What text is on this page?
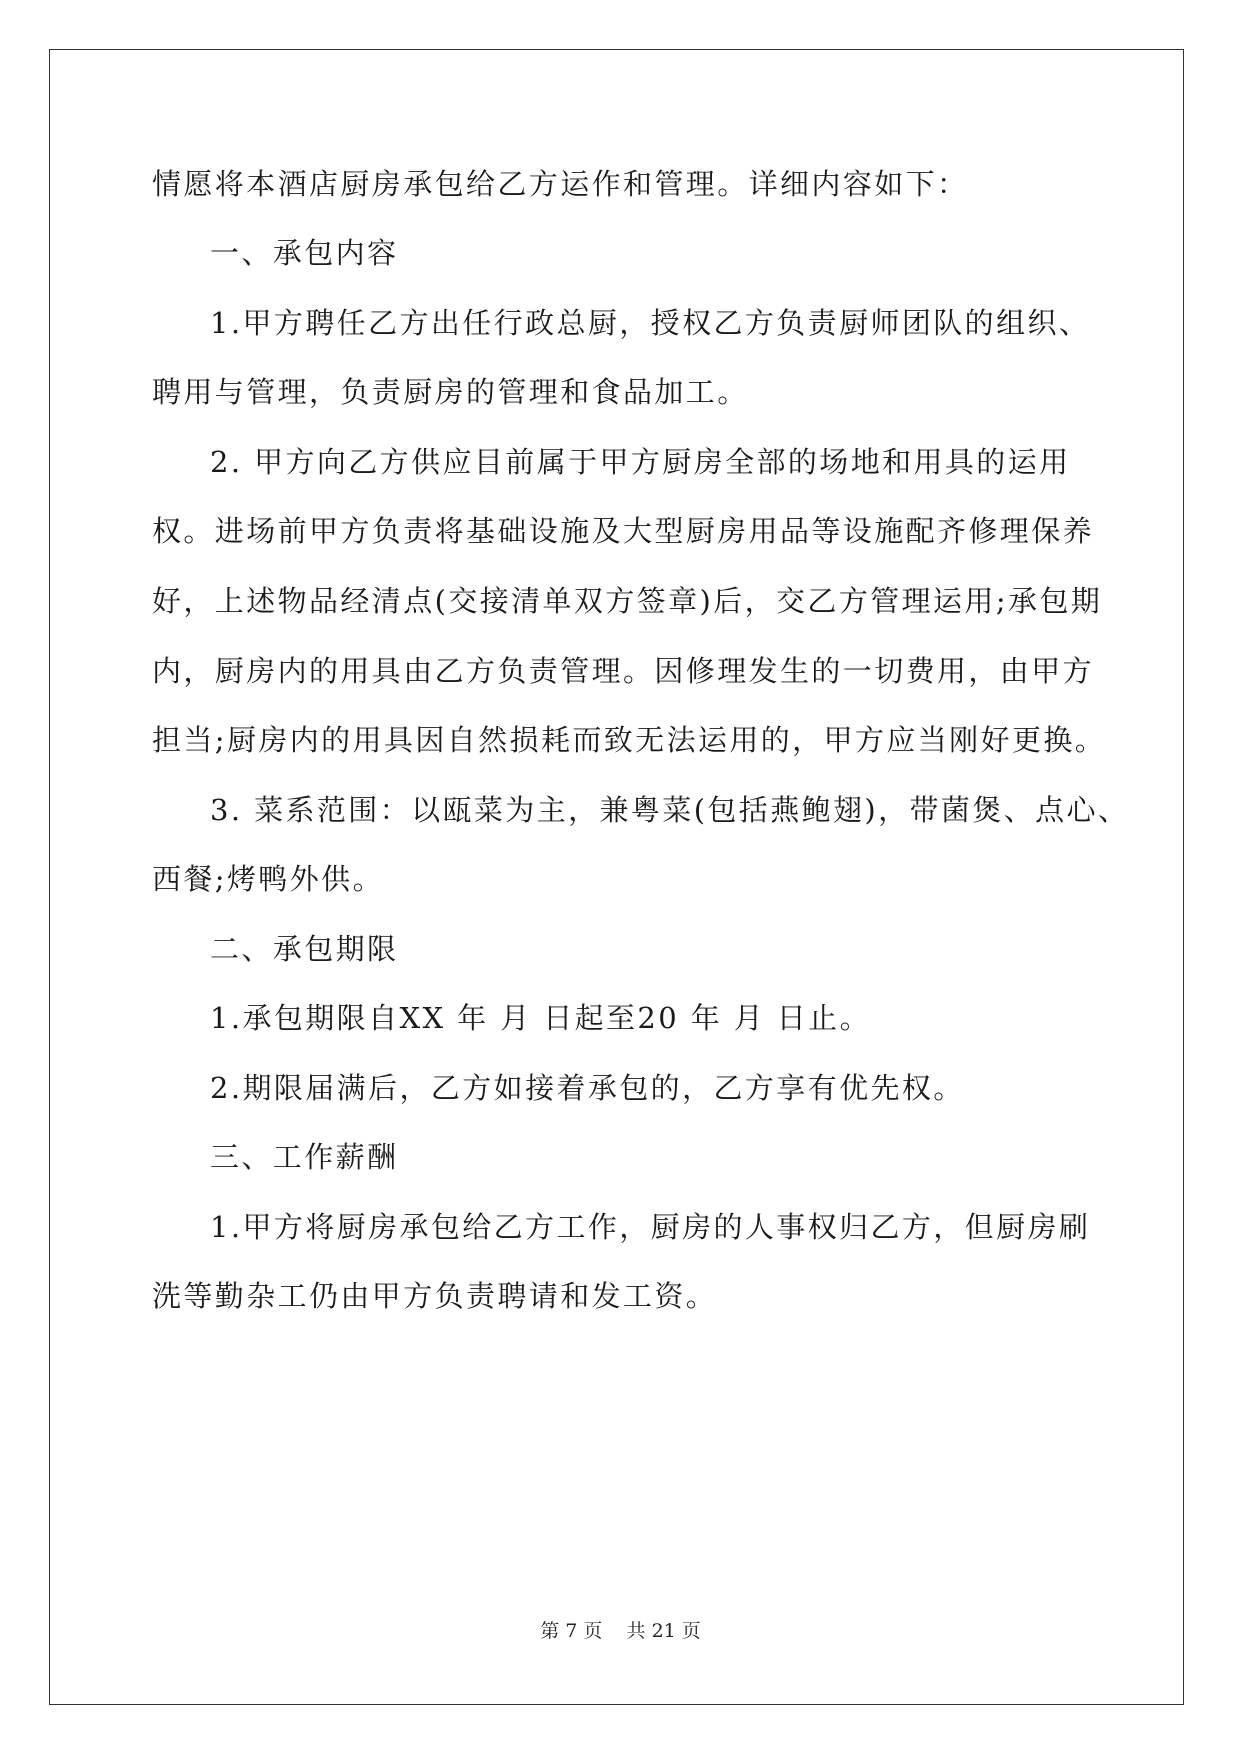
情愿将本酒店厨房承包给乙方运作和管理。详细内容如下：
一、承包内容
1.甲方聘任乙方出任行政总厨，授权乙方负责厨师团队的组织、
聘用与管理，负责厨房的管理和食品加工。
2. 甲方向乙方供应目前属于甲方厨房全部的场地和用具的运用
权。进场前甲方负责将基础设施及大型厨房用品等设施配齐修理保养
好，上述物品经清点(交接清单双方签章)后，交乙方管理运用;承包期
内，厨房内的用具由乙方负责管理。因修理发生的一切费用，由甲方
担当;厨房内的用具因自然损耗而致无法运用的，甲方应当刚好更换。
3. 菜系范围：以瓯菜为主，兼粤菜(包括燕鲍翅)，带菌煲、点心、
西餐;烤鸭外供。
二、承包期限
1.承包期限自XX 年 月 日起至20 年 月 日止。
2.期限届满后，乙方如接着承包的，乙方享有优先权。
三、工作薪酬
1.甲方将厨房承包给乙方工作，厨房的人事权归乙方，但厨房刷
洗等勤杂工仍由甲方负责聘请和发工资。
第 7 页    共 21 页
